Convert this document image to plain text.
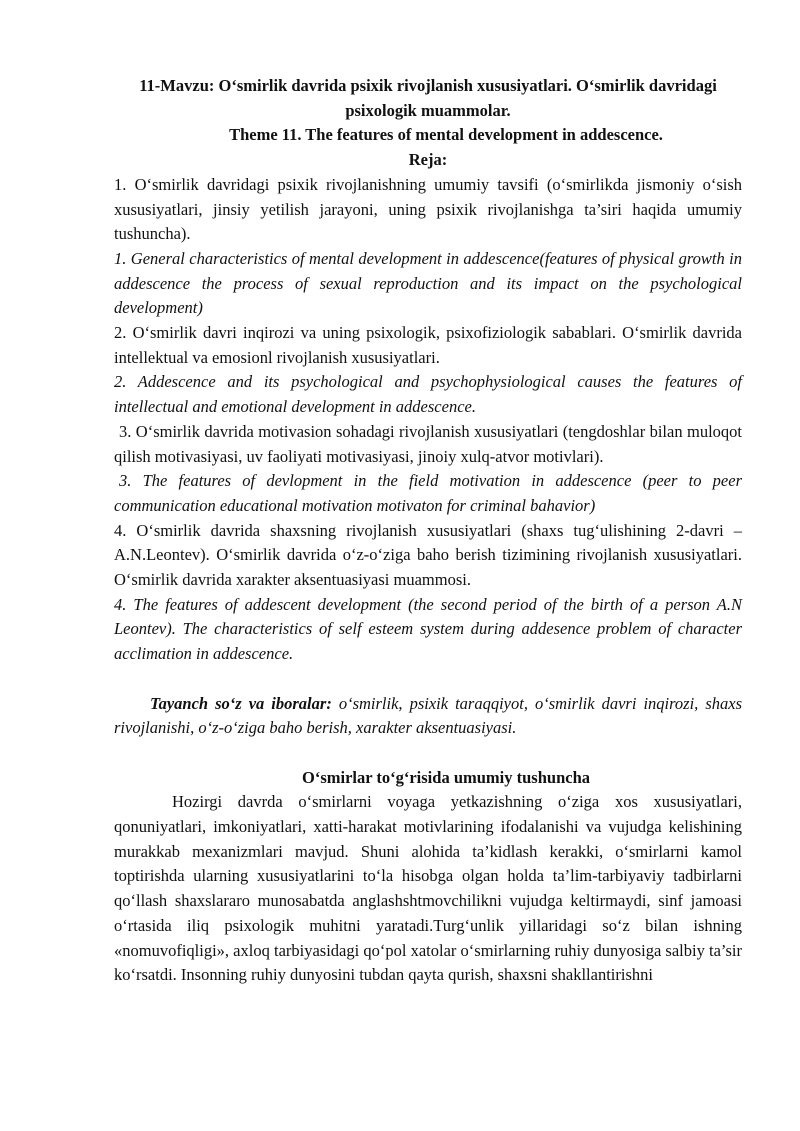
11-Mavzu: O‘smirlik davrida psixik rivojlanish xususiyatlari. O‘smirlik davridagi psixologik muammolar.

Theme 11. The features of mental development in addescence.

Reja:

1. O‘smirlik davridagi psixik rivojlanishning umumiy tavsifi (o‘smirlikda jismoniy o‘sish xususiyatlari, jinsiy yetilish jarayoni, uning psixik rivojlanishga ta’siri haqida umumiy tushuncha).

1. General characteristics of mental development in addescence(features of physical growth in addescence the process of sexual reproduction and its impact on the psychological development)

2. O‘smirlik davri inqirozi va uning psixologik, psixofiziologik sabablari. O‘smirlik davrida intellektual va emosionl rivojlanish xususiyatlari.

2. Addescence and its psychological and psychophysiological causes the features of intellectual and emotional development in addescence.

3. O‘smirlik davrida motivasion sohadagi rivojlanish xususiyatlari (tengdoshlar bilan muloqot qilish motivasiyasi, uv faoliyati motivasiyasi, jinoiy xulq-atvor motivlari).

3. The features of devlopment in the field motivation in addescence (peer to peer communication educational motivation motivaton for criminal bahavior)

4. O‘smirlik davrida shaxsning rivojlanish xususiyatlari (shaxs tug‘ulishining 2-davri – A.N.Leontev). O‘smirlik davrida o‘z-o‘ziga baho berish tizimining rivojlanish xususiyatlari. O‘smirlik davrida xarakter aksentuasiyasi muammosi.

4. The features of addescent development (the second period of the birth of a person A.N Leontev). The characteristics of self esteem system during addesence problem of character acclimation in addescence.

Tayanch so‘z va iboralar: o‘smirlik, psixik taraqqiyot, o‘smirlik davri inqirozi, shaxs rivojlanishi, o‘z-o‘ziga baho berish, xarakter aksentuasiyasi.

O‘smirlar to‘g‘risida umumiy tushuncha

Hozirgi davrda o‘smirlarni voyaga yetkazishning o‘ziga xos xususiyatlari, qonuniyatlari, imkoniyatlari, xatti-harakat motivlarining ifodalanishi va vujudga kelishining murakkab mexanizmlari mavjud. Shuni alohida ta’kidlash kerakki, o‘smirlarni kamol toptirishda ularning xususiyatlarini to‘la hisobga olgan holda ta’lim-tarbiyaviy tadbirlarni qo‘llash shaxslararo munosabatda anglashshtmovchilikni vujudga keltirmaydi, sinf jamoasi o‘rtasida iliq psixologik muhitni yaratadi.Turg‘unlik yillaridagi so‘z bilan ishning «nomuvofiqligi», axloq tarbiyasidagi qo‘pol xatolar o‘smirlarning ruhiy dunyosiga salbiy ta’sir ko‘rsatdi. Insonning ruhiy dunyosini tubdan qayta qurish, shaxsni shakllantirishni
